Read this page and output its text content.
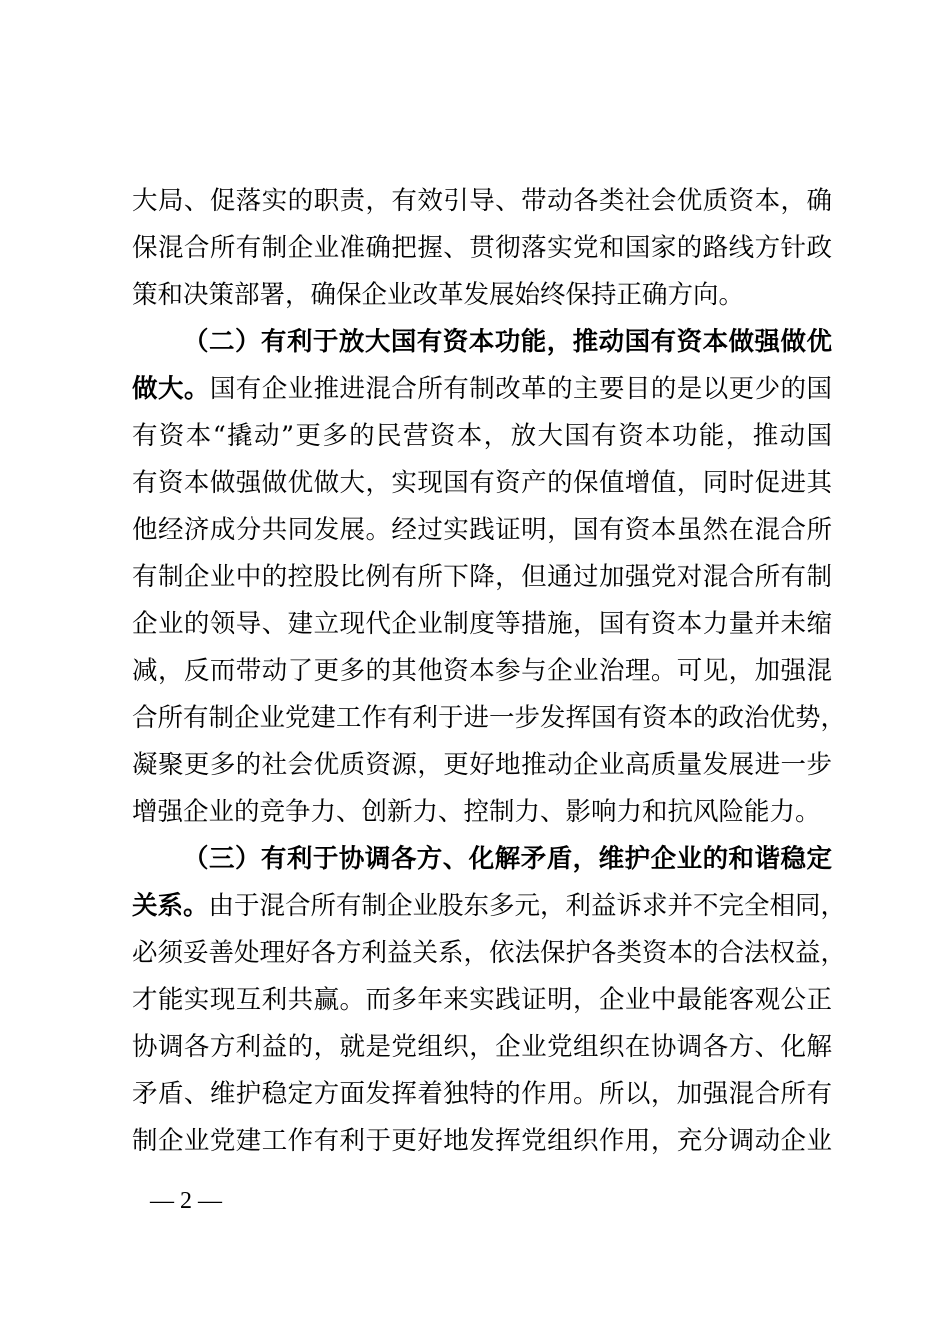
大局、促落实的职责，有效引导、带动各类社会优质资本，确
保混合所有制企业准确把握、贯彻落实党和国家的路线方针政
策和决策部署，确保企业改革发展始终保持正确方向。
（二）有利于放大国有资本功能，推动国有资本做强做优
做大。国有企业推进混合所有制改革的主要目的是以更少的国
有资本“撬动”更多的民营资本，放大国有资本功能，推动国
有资本做强做优做大，实现国有资产的保值增值，同时促进其
他经济成分共同发展。经过实践证明，国有资本虽然在混合所
有制企业中的控股比例有所下降，但通过加强党对混合所有制
企业的领导、建立现代企业制度等措施，国有资本力量并未缩
减，反而带动了更多的其他资本参与企业治理。可见，加强混
合所有制企业党建工作有利于进一步发挥国有资本的政治优势，
凝聚更多的社会优质资源，更好地推动企业高质量发展进一步
增强企业的竞争力、创新力、控制力、影响力和抗风险能力。
（三）有利于协调各方、化解矛盾，维护企业的和谐稳定
关系。由于混合所有制企业股东多元，利益诉求并不完全相同，
必须妥善处理好各方利益关系，依法保护各类资本的合法权益，
才能实现互利共赢。而多年来实践证明，企业中最能客观公正
协调各方利益的，就是党组织，企业党组织在协调各方、化解
矛盾、维护稳定方面发挥着独特的作用。所以，加强混合所有
制企业党建工作有利于更好地发挥党组织作用，充分调动企业
— 2 —
